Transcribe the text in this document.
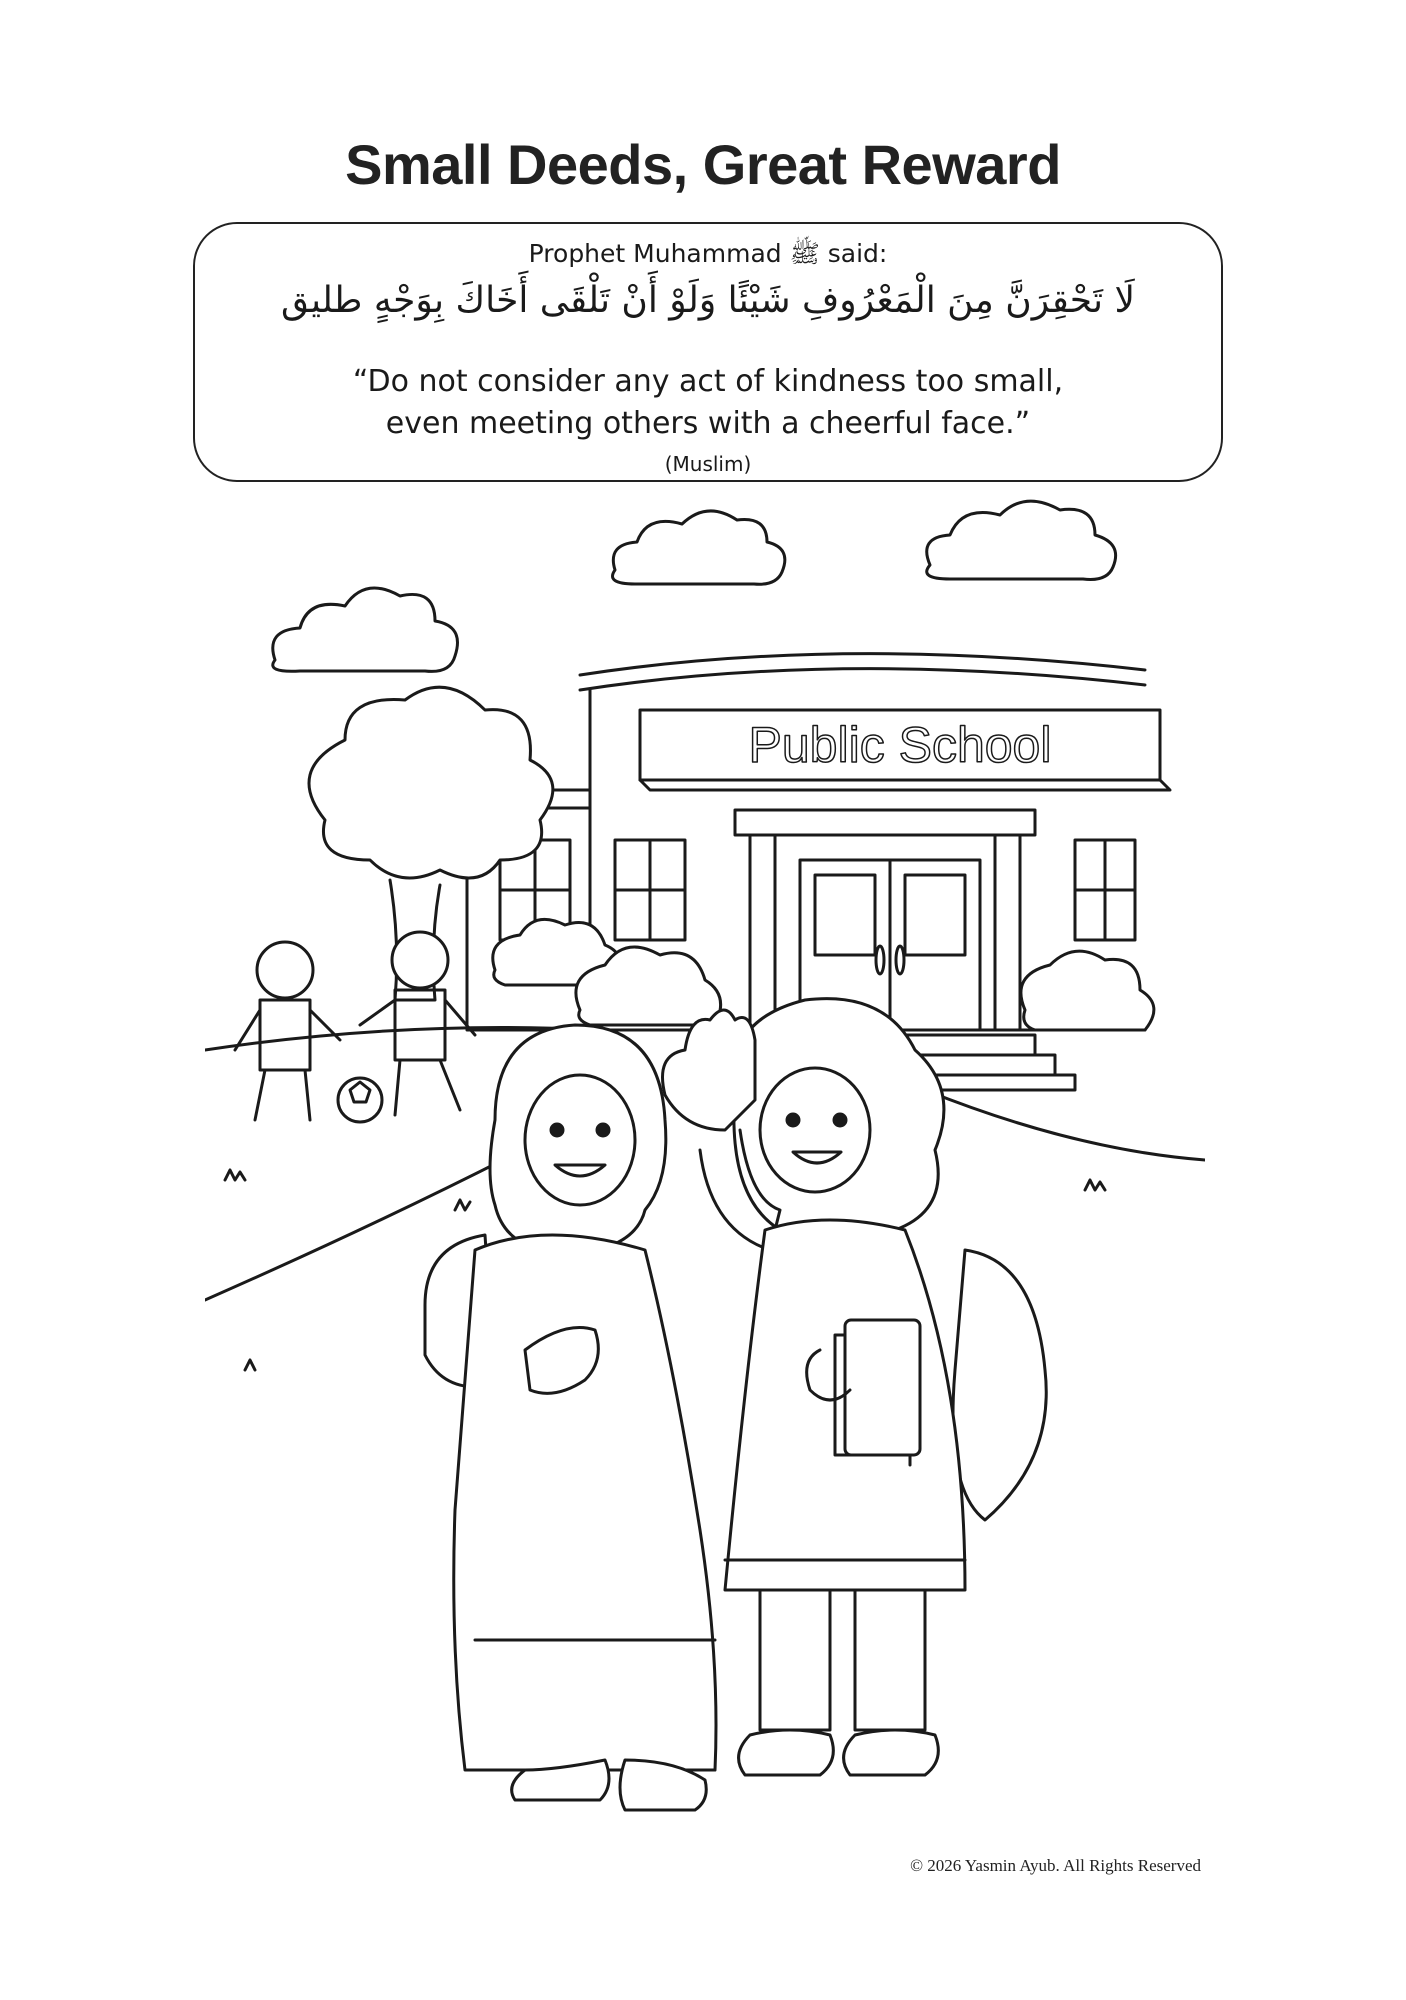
Small Deeds, Great Reward
Prophet Muhammad ﷺ said:
لَا تَحْقِرَنَّ مِنَ الْمَعْرُوفِ شَيْئًا وَلَوْ أَنْ تَلْقَى أَخَاكَ بِوَجْهٍ طليق
“Do not consider any act of kindness too small,
even meeting others with a cheerful face.”
(Muslim)
Public School
© 2026 Yasmin Ayub. All Rights Reserved
